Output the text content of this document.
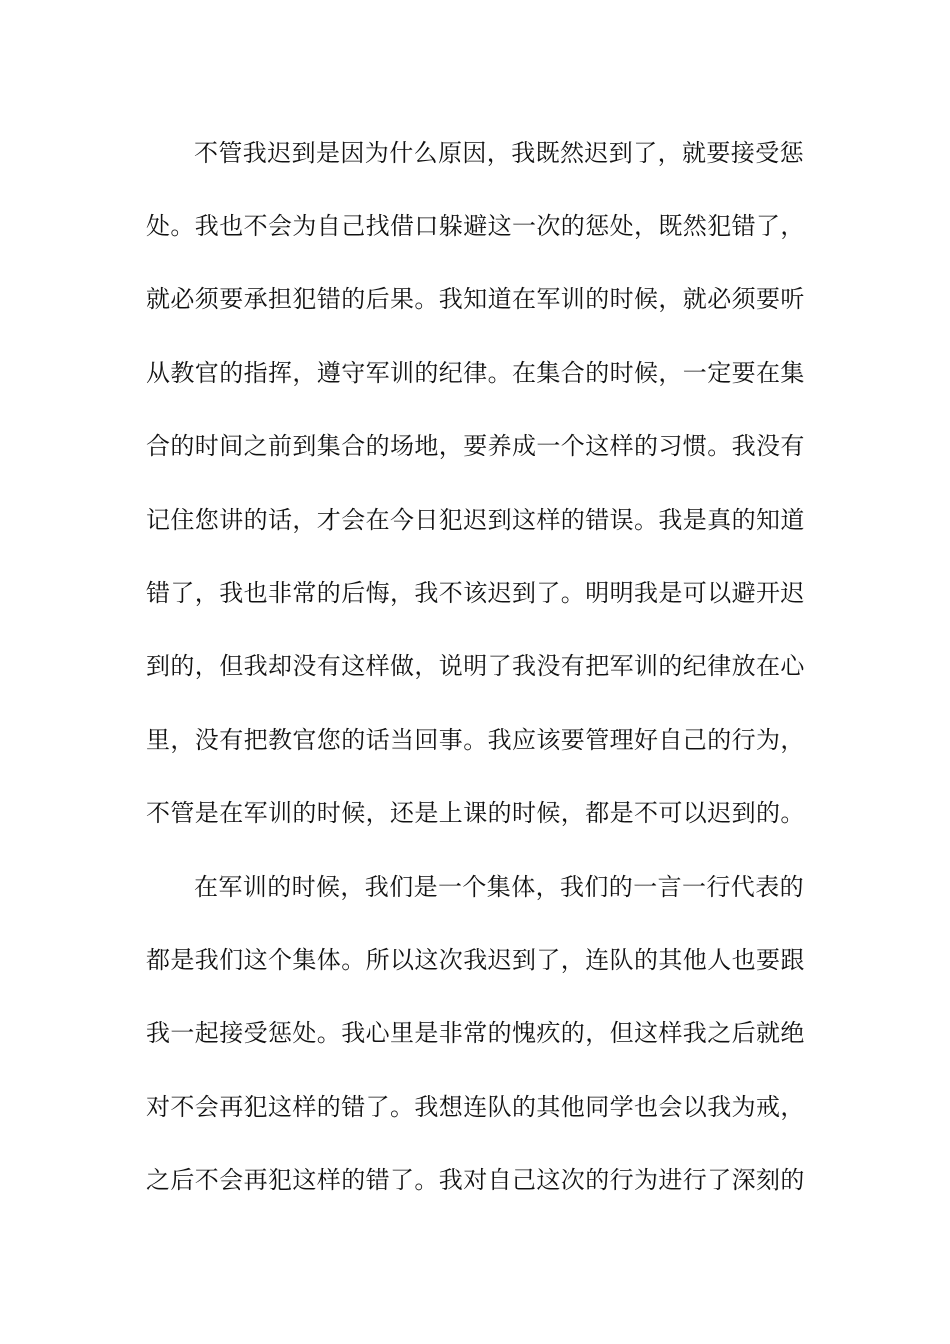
不管我迟到是因为什么原因，我既然迟到了，就要接受惩
处。我也不会为自己找借口躲避这一次的惩处，既然犯错了，
就必须要承担犯错的后果。我知道在军训的时候，就必须要听
从教官的指挥，遵守军训的纪律。在集合的时候，一定要在集
合的时间之前到集合的场地，要养成一个这样的习惯。我没有
记住您讲的话，才会在今日犯迟到这样的错误。我是真的知道
错了，我也非常的后悔，我不该迟到了。明明我是可以避开迟
到的，但我却没有这样做，说明了我没有把军训的纪律放在心
里，没有把教官您的话当回事。我应该要管理好自己的行为，
不管是在军训的时候，还是上课的时候，都是不可以迟到的。
在军训的时候，我们是一个集体，我们的一言一行代表的
都是我们这个集体。所以这次我迟到了，连队的其他人也要跟
我一起接受惩处。我心里是非常的愧疚的，但这样我之后就绝
对不会再犯这样的错了。我想连队的其他同学也会以我为戒，
之后不会再犯这样的错了。我对自己这次的行为进行了深刻的
